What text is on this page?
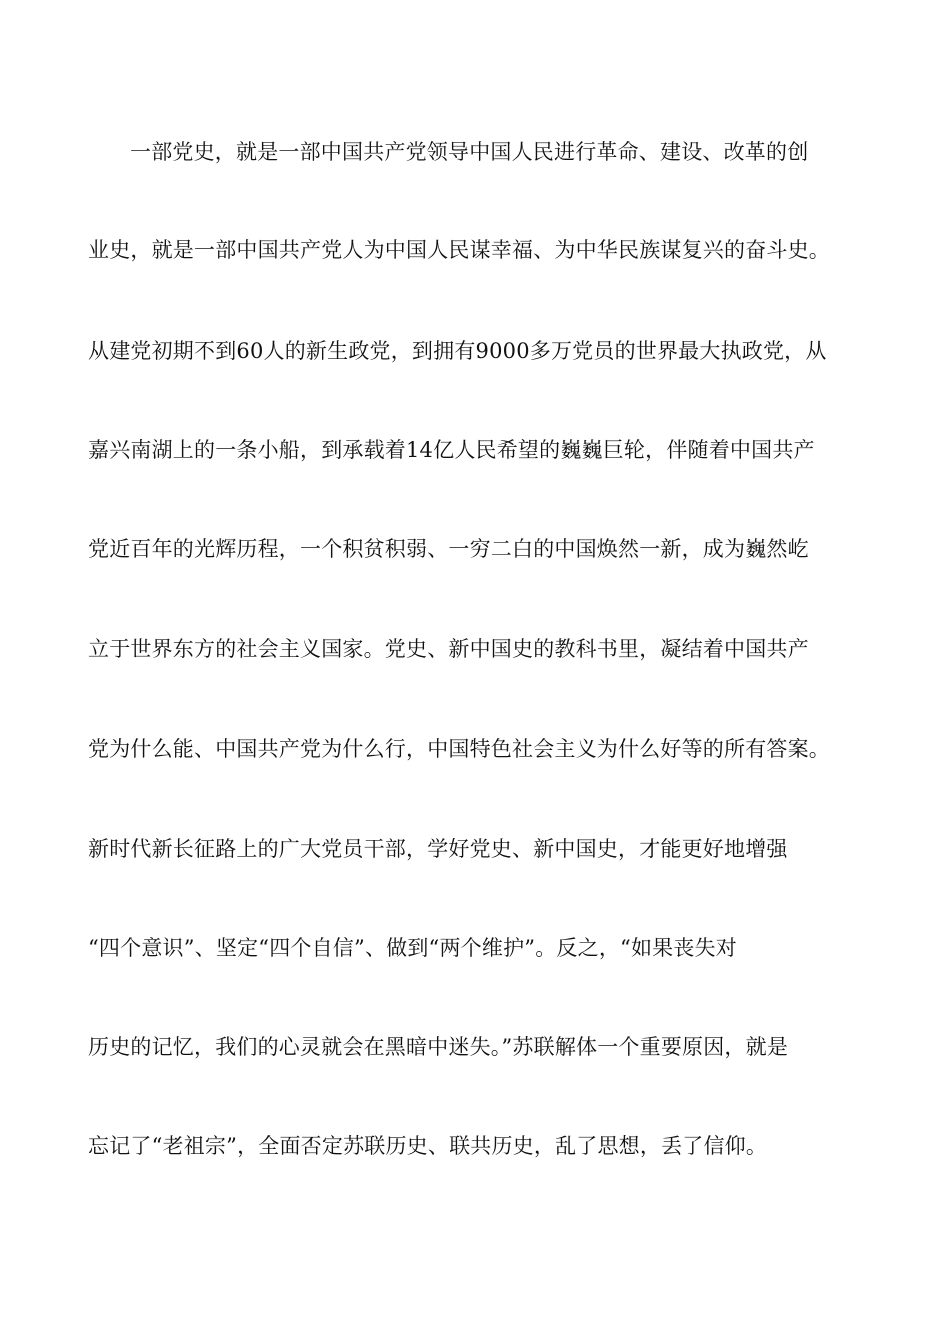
一部党史，就是一部中国共产党领导中国人民进行革命、建设、改革的创
业史，就是一部中国共产党人为中国人民谋幸福、为中华民族谋复兴的奋斗史。
从建党初期不到60人的新生政党，到拥有9000多万党员的世界最大执政党，从
嘉兴南湖上的一条小船，到承载着14亿人民希望的巍巍巨轮，伴随着中国共产
党近百年的光辉历程，一个积贫积弱、一穷二白的中国焕然一新，成为巍然屹
立于世界东方的社会主义国家。党史、新中国史的教科书里，凝结着中国共产
党为什么能、中国共产党为什么行，中国特色社会主义为什么好等的所有答案。
新时代新长征路上的广大党员干部，学好党史、新中国史，才能更好地增强
“四个意识”、坚定“四个自信”、做到“两个维护”。反之，“如果丧失对
历史的记忆，我们的心灵就会在黑暗中迷失。”苏联解体一个重要原因，就是
忘记了“老祖宗”，全面否定苏联历史、联共历史，乱了思想，丢了信仰。
